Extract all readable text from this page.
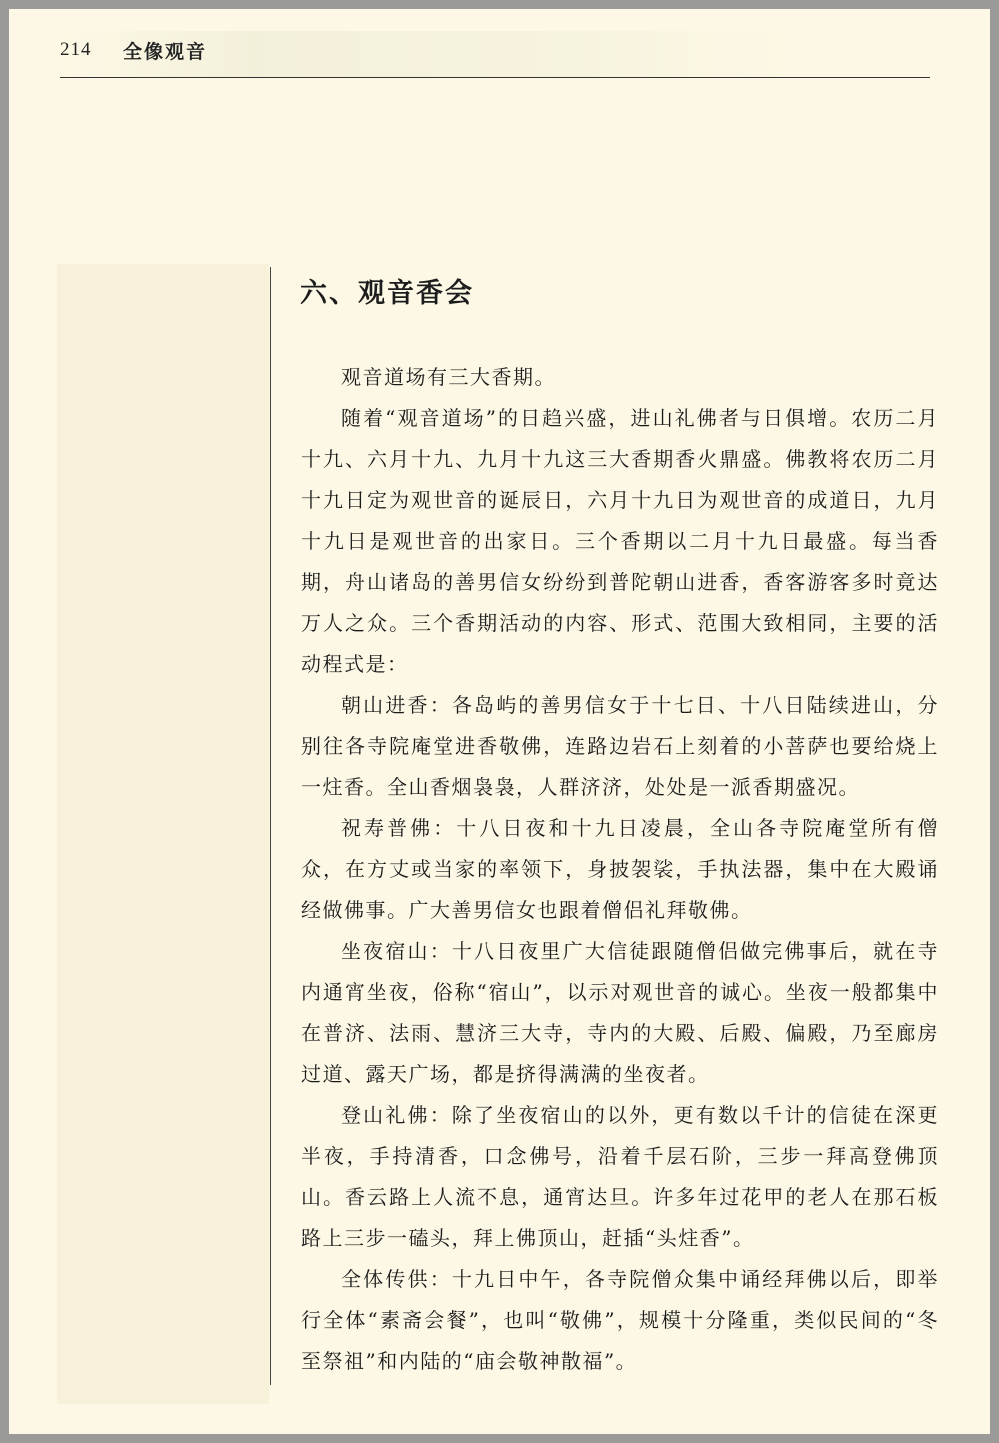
214 全像观音
六、观音香会

观音道场有三大香期。

随着“观音道场”的日趋兴盛，进山礼佛者与日俱增。农历二月十九、六月十九、九月十九这三大香期香火鼎盛。佛教将农历二月十九日定为观世音的诞辰日，六月十九日为观世音的成道日，九月十九日是观世音的出家日。三个香期以二月十九日最盛。每当香期，舟山诸岛的善男信女纷纷到普陀朝山进香，香客游客多时竟达万人之众。三个香期活动的内容、形式、范围大致相同，主要的活动程式是：

朝山进香：各岛屿的善男信女于十七日、十八日陆续进山，分别往各寺院庵堂进香敬佛，连路边岩石上刻着的小菩萨也要给烧上一炷香。全山香烟袅袅，人群济济，处处是一派香期盛况。

祝寿普佛：十八日夜和十九日凌晨，全山各寺院庵堂所有僧众，在方丈或当家的率领下，身披袈裟，手执法器，集中在大殿诵经做佛事。广大善男信女也跟着僧侣礼拜敬佛。

坐夜宿山：十八日夜里广大信徒跟随僧侣做完佛事后，就在寺内通宵坐夜，俗称“宿山”，以示对观世音的诚心。坐夜一般都集中在普济、法雨、慧济三大寺，寺内的大殿、后殿、偏殿，乃至廊房过道、露天广场，都是挤得满满的坐夜者。

登山礼佛：除了坐夜宿山的以外，更有数以千计的信徒在深更半夜，手持清香，口念佛号，沿着千层石阶，三步一拜高登佛顶山。香云路上人流不息，通宵达旦。许多年过花甲的老人在那石板路上三步一磕头，拜上佛顶山，赶插“头炷香”。

全体传供：十九日中午，各寺院僧众集中诵经拜佛以后，即举行全体“素斋会餐”，也叫“敬佛”，规模十分隆重，类似民间的“冬至祭祖”和内陆的“庙会敬神散福”。
